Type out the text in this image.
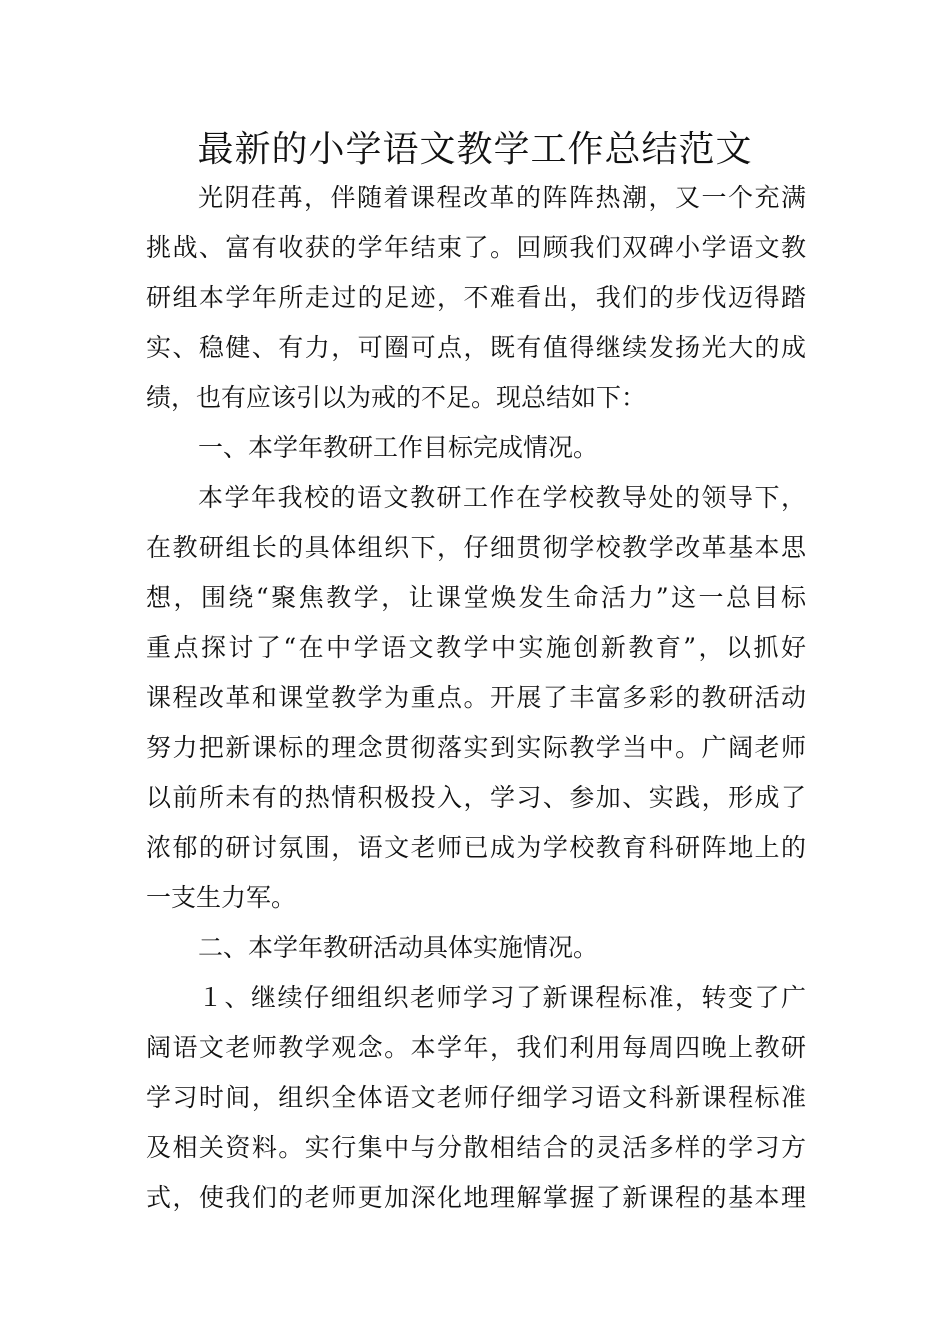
最新的小学语文教学工作总结范文
光阴荏苒，伴随着课程改革的阵阵热潮，又一个充满
挑战、富有收获的学年结束了。回顾我们双碑小学语文教
研组本学年所走过的足迹，不难看出，我们的步伐迈得踏
实、稳健、有力，可圈可点，既有值得继续发扬光大的成
绩，也有应该引以为戒的不足。现总结如下：
一、本学年教研工作目标完成情况。
本学年我校的语文教研工作在学校教导处的领导下，
在教研组长的具体组织下，仔细贯彻学校教学改革基本思
想，围绕“聚焦教学，让课堂焕发生命活力”这一总目标
重点探讨了“在中学语文教学中实施创新教育”，以抓好
课程改革和课堂教学为重点。开展了丰富多彩的教研活动
努力把新课标的理念贯彻落实到实际教学当中。广阔老师
以前所未有的热情积极投入，学习、参加、实践，形成了
浓郁的研讨氛围，语文老师已成为学校教育科研阵地上的
一支生力军。
二、本学年教研活动具体实施情况。
１、继续仔细组织老师学习了新课程标准，转变了广
阔语文老师教学观念。本学年，我们利用每周四晚上教研
学习时间，组织全体语文老师仔细学习语文科新课程标准
及相关资料。实行集中与分散相结合的灵活多样的学习方
式，使我们的老师更加深化地理解掌握了新课程的基本理
